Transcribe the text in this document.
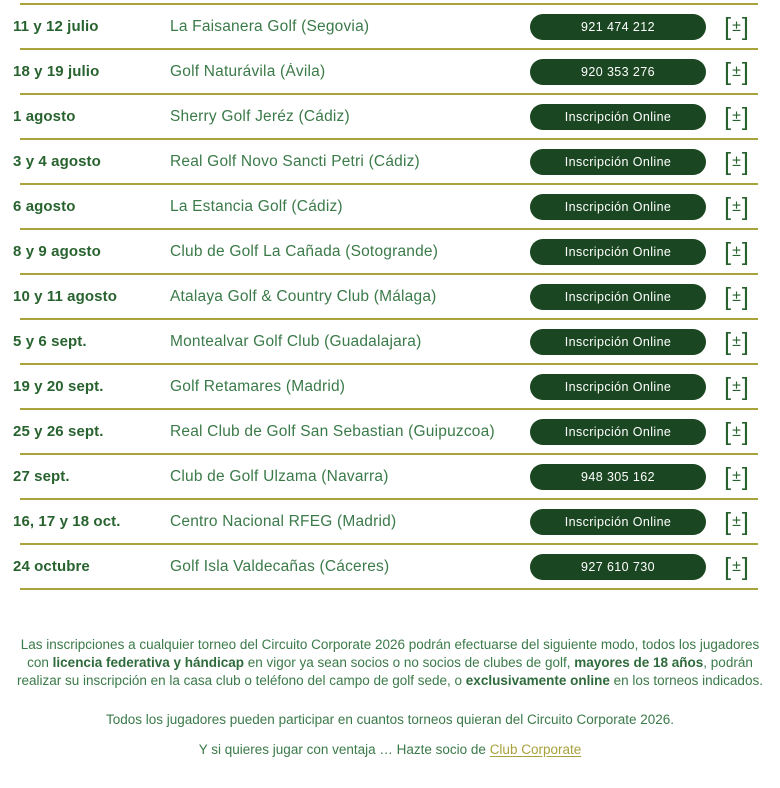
11 y 12 julio	La Faisanera Golf (Segovia)	921 474 212	[ ± ]
18 y 19 julio	Golf Naturávila (Ávila)	920 353 276	[ ± ]
1 agosto	Sherry Golf Jeréz (Cádiz)	Inscripción Online	[ ± ]
3 y 4 agosto	Real Golf Novo Sancti Petri (Cádiz)	Inscripción Online	[ ± ]
6 agosto	La Estancia Golf (Cádiz)	Inscripción Online	[ ± ]
8 y 9 agosto	Club de Golf La Cañada (Sotogrande)	Inscripción Online	[ ± ]
10 y 11 agosto	Atalaya Golf & Country Club (Málaga)	Inscripción Online	[ ± ]
5 y 6 sept.	Montealvar Golf Club (Guadalajara)	Inscripción Online	[ ± ]
19 y 20 sept.	Golf Retamares (Madrid)	Inscripción Online	[ ± ]
25 y 26 sept.	Real Club de Golf San Sebastian (Guipuzcoa)	Inscripción Online	[ ± ]
27 sept.	Club de Golf Ulzama (Navarra)	948 305 162	[ ± ]
16, 17 y 18 oct.	Centro Nacional RFEG (Madrid)	Inscripción Online	[ ± ]
24 octubre	Golf Isla Valdecañas (Cáceres)	927 610 730	[ ± ]

Las inscripciones a cualquier torneo del Circuito Corporate 2026 podrán efectuarse del siguiente modo, todos los jugadores con licencia federativa y hándicap en vigor ya sean socios o no socios de clubes de golf, mayores de 18 años, podrán realizar su inscripción en la casa club o teléfono del campo de golf sede, o exclusivamente online en los torneos indicados.

Todos los jugadores pueden participar en cuantos torneos quieran del Circuito Corporate 2026.

Y si quieres jugar con ventaja … Hazte socio de Club Corporate
